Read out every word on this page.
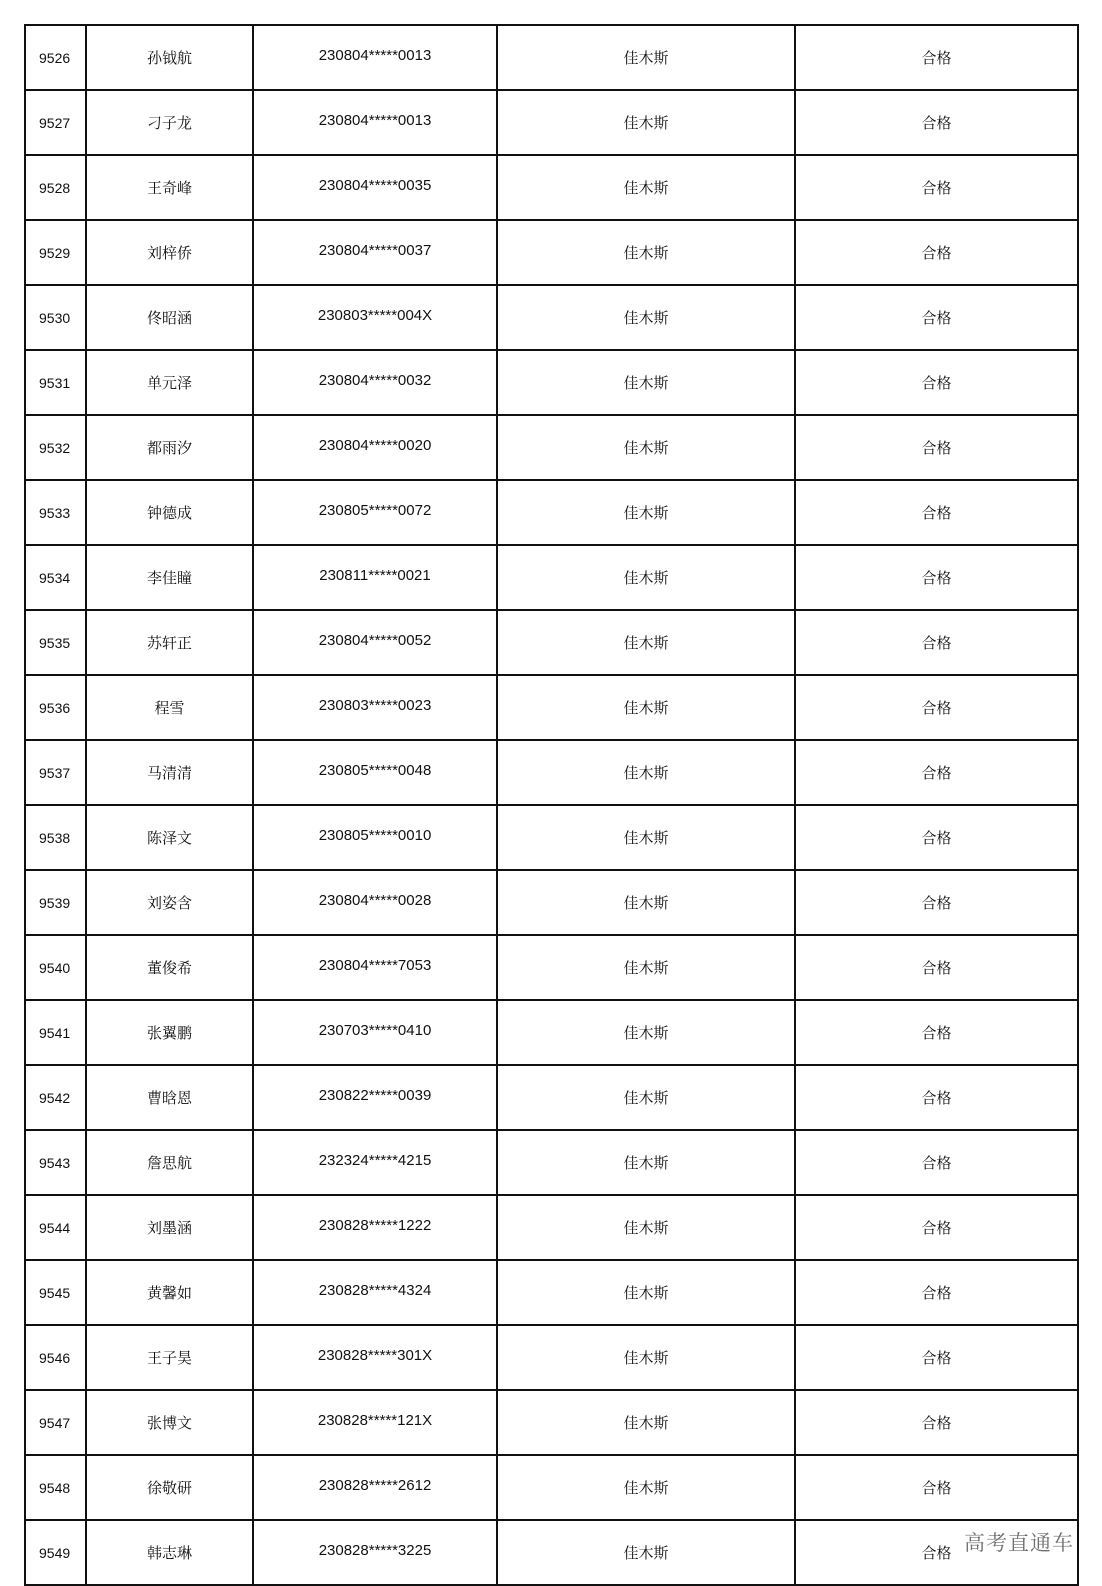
9526	孙钺航	230804*****0013	佳木斯	合格
9527	刁子龙	230804*****0013	佳木斯	合格
9528	王奇峰	230804*****0035	佳木斯	合格
9529	刘梓侨	230804*****0037	佳木斯	合格
9530	佟昭涵	230803*****004X	佳木斯	合格
9531	单元泽	230804*****0032	佳木斯	合格
9532	都雨汐	230804*****0020	佳木斯	合格
9533	钟德成	230805*****0072	佳木斯	合格
9534	李佳瞳	230811*****0021	佳木斯	合格
9535	苏轩正	230804*****0052	佳木斯	合格
9536	程雪	230803*****0023	佳木斯	合格
9537	马清清	230805*****0048	佳木斯	合格
9538	陈泽文	230805*****0010	佳木斯	合格
9539	刘姿含	230804*****0028	佳木斯	合格
9540	董俊希	230804*****7053	佳木斯	合格
9541	张翼鹏	230703*****0410	佳木斯	合格
9542	曹晗恩	230822*****0039	佳木斯	合格
9543	詹思航	232324*****4215	佳木斯	合格
9544	刘墨涵	230828*****1222	佳木斯	合格
9545	黄馨如	230828*****4324	佳木斯	合格
9546	王子昊	230828*****301X	佳木斯	合格
9547	张博文	230828*****121X	佳木斯	合格
9548	徐敬研	230828*****2612	佳木斯	合格
9549	韩志琳	230828*****3225	佳木斯	合格 高考直通车
